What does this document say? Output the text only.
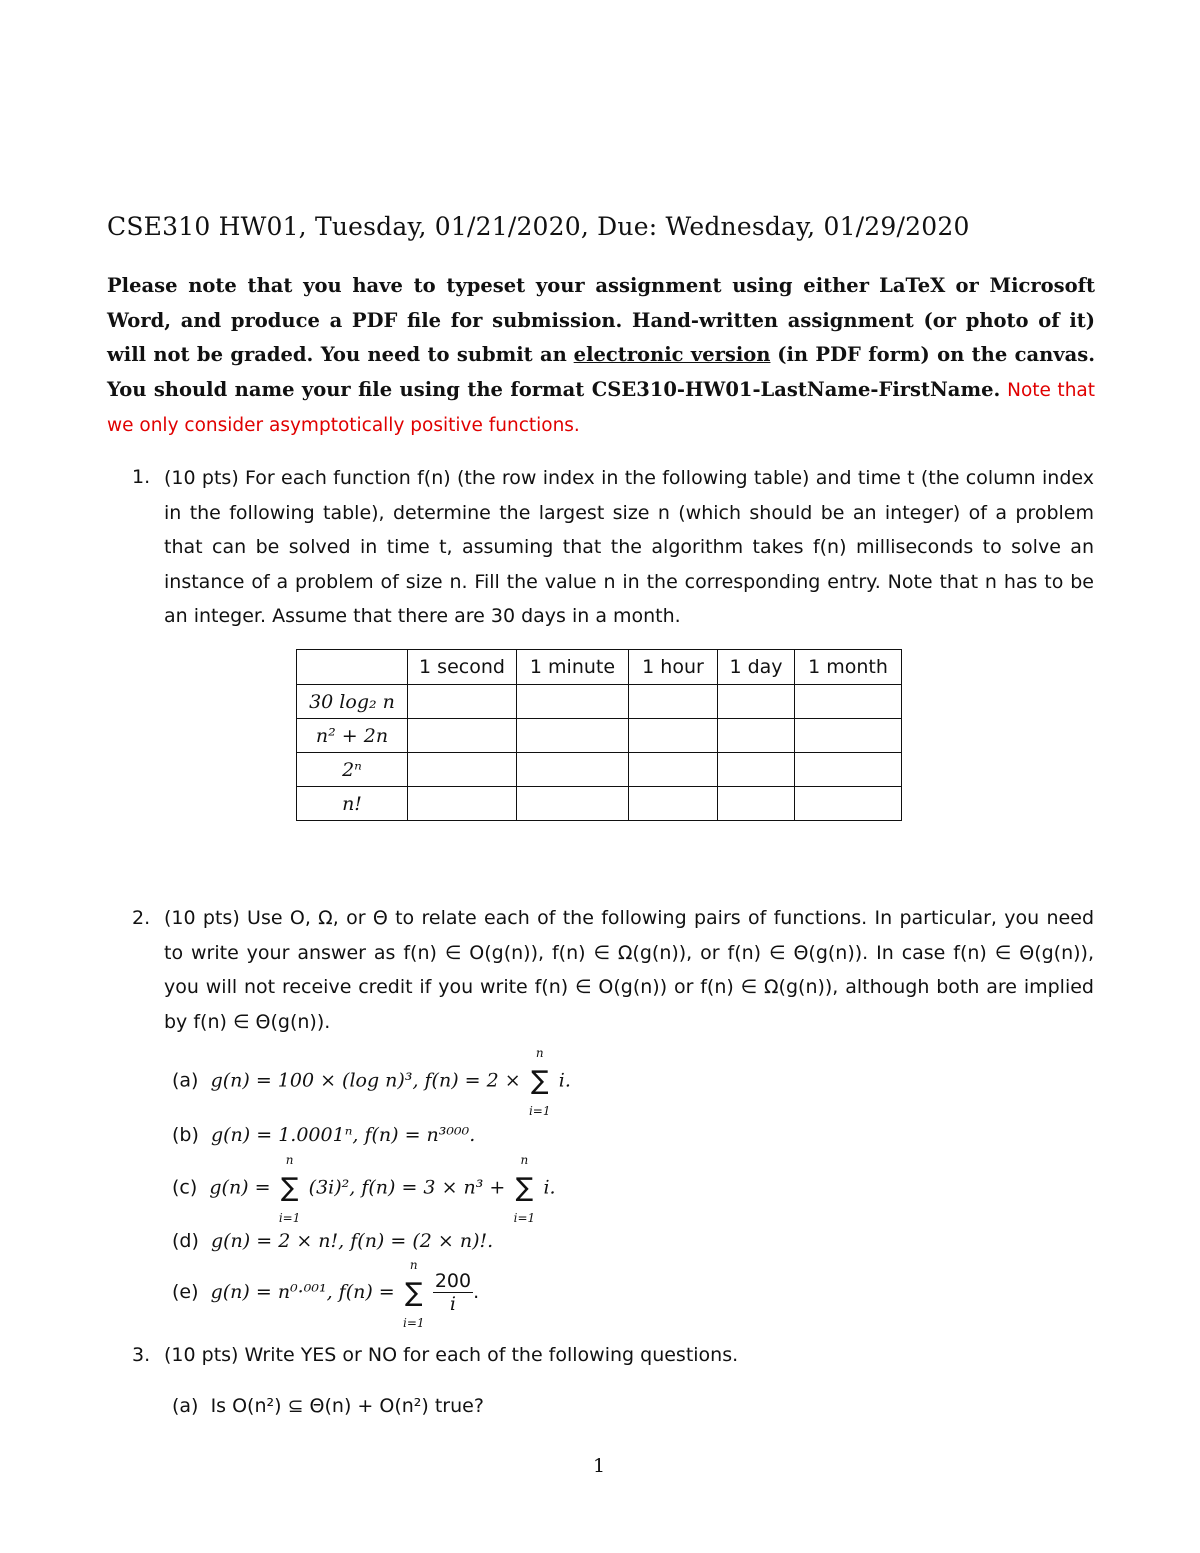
CSE310 HW01, Tuesday, 01/21/2020, Due: Wednesday, 01/29/2020
Please note that you have to typeset your assignment using either LaTeX or Microsoft Word, and produce a PDF file for submission. Hand-written assignment (or photo of it) will not be graded. You need to submit an electronic version (in PDF form) on the canvas. You should name your file using the format CSE310-HW01-LastName-FirstName. Note that we only consider asymptotically positive functions.
1. (10 pts) For each function f(n) (the row index in the following table) and time t (the column index in the following table), determine the largest size n (which should be an integer) of a problem that can be solved in time t, assuming that the algorithm takes f(n) milliseconds to solve an instance of a problem of size n. Fill the value n in the corresponding entry. Note that n has to be an integer. Assume that there are 30 days in a month.
	1 second	1 minute	1 hour	1 day	1 month
30 log₂ n					
n² + 2n					
2ⁿ					
n!					
2. (10 pts) Use O, Ω, or Θ to relate each of the following pairs of functions. In particular, you need to write your answer as f(n) ∈ O(g(n)), f(n) ∈ Ω(g(n)), or f(n) ∈ Θ(g(n)). In case f(n) ∈ Θ(g(n)), you will not receive credit if you write f(n) ∈ O(g(n)) or f(n) ∈ Ω(g(n)), although both are implied by f(n) ∈ Θ(g(n)).
(a) g(n) = 100 × (log n)³, f(n) = 2 ×
n
∑
i=1
i.
(b) g(n) = 1.0001ⁿ, f(n) = n³⁰⁰⁰.
(c) g(n) =
n
∑
i=1
(3i)², f(n) = 3 × n³ +
n
∑
i=1
i.
(d) g(n) = 2 × n!, f(n) = (2 × n)!.
(e) g(n) = n⁰·⁰⁰¹, f(n) =
n
∑
i=1

$\frac{200}{i}$ .
3. (10 pts) Write YES or NO for each of the following questions.
(a) Is O(n²) ⊆ Θ(n) + O(n²) true?
1
